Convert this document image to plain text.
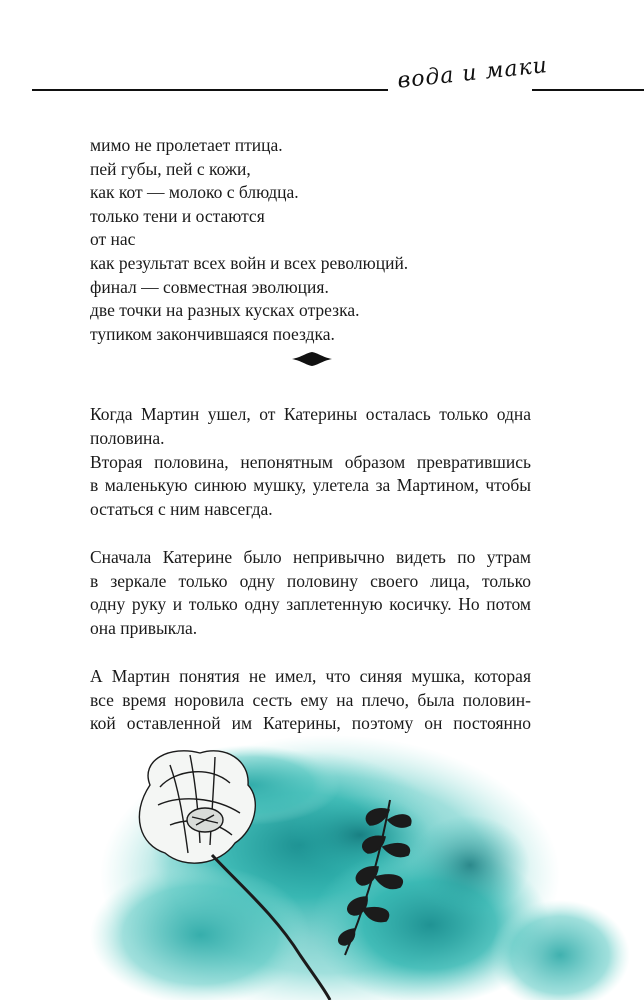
вода и маки
мимо не пролетает птица.
пей губы, пей с кожи,
как кот — молоко с блюдца.
только тени и остаются
от нас
как результат всех войн и всех революций.
финал — совместная эволюция.
две точки на разных кусках отрезка.
тупиком закончившаяся поездка.

Когда Мартин ушел, от Катерины осталась только одна
половина.
Вторая половина, непонятным образом превратившись
в маленькую синюю мушку, улетела за Мартином, чтобы
остаться с ним навсегда.

Сначала Катерине было непривычно видеть по утрам
в зеркале только одну половину своего лица, только
одну руку и только одну заплетенную косичку. Но потом
она привыкла.

А Мартин понятия не имел, что синяя мушка, которая
все время норовила сесть ему на плечо, была половин-
кой оставленной им Катерины, поэтому он постоянно
